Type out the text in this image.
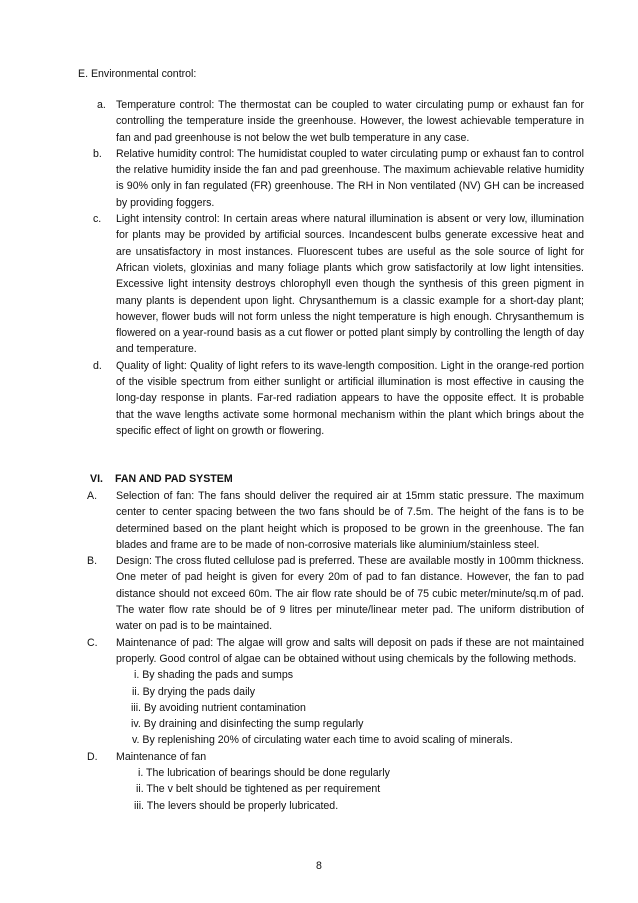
E. Environmental control:
a. Temperature control: The thermostat can be coupled to water circulating pump or exhaust fan for controlling the temperature inside the greenhouse. However, the lowest achievable temperature in fan and pad greenhouse is not below the wet bulb temperature in any case.
b.	Relative humidity control: The humidistat coupled to water circulating pump or exhaust fan to control the relative humidity inside the fan and pad greenhouse. The maximum achievable relative humidity is 90% only in fan regulated (FR) greenhouse. The RH in Non ventilated (NV) GH can be increased by providing foggers.
c.	Light intensity control: In certain areas where natural illumination is absent or very low, illumination for plants may be provided by artificial sources. Incandescent bulbs generate excessive heat and are unsatisfactory in most instances. Fluorescent tubes are useful as the sole source of light for African violets, gloxinias and many foliage plants which grow satisfactorily at low light intensities. Excessive light intensity destroys chlorophyll even though the synthesis of this green pigment in many plants is dependent upon light. Chrysanthemum is a classic example for a short-day plant; however, flower buds will not form unless the night temperature is high enough. Chrysanthemum is flowered on a year-round basis as a cut flower or potted plant simply by controlling the length of day and temperature.
d.	Quality of light: Quality of light refers to its wave-length composition. Light in the orange-red portion of the visible spectrum from either sunlight or artificial illumination is most effective in causing the long-day response in plants. Far-red radiation appears to have the opposite effect. It is probable that the wave lengths activate some hormonal mechanism within the plant which brings about the specific effect of light on growth or flowering.
VI. FAN AND PAD SYSTEM
A.	Selection of fan: The fans should deliver the required air at 15mm static pressure. The maximum center to center spacing between the two fans should be of 7.5m. The height of the fans is to be determined based on the plant height which is proposed to be grown in the greenhouse. The fan blades and frame are to be made of non-corrosive materials like aluminium/stainless steel.
B.	Design: The cross fluted cellulose pad is preferred. These are available mostly in 100mm thickness. One meter of pad height is given for every 20m of pad to fan distance. However, the fan to pad distance should not exceed 60m. The air flow rate should be of 75 cubic meter/minute/sq.m of pad. The water flow rate should be of 9 litres per minute/linear meter pad. The uniform distribution of water on pad is to be maintained.
C.	Maintenance of pad: The algae will grow and salts will deposit on pads if these are not maintained properly. Good control of algae can be obtained without using chemicals by the following methods.
i. By shading the pads and sumps
ii. By drying the pads daily
iii. By avoiding nutrient contamination
iv. By draining and disinfecting the sump regularly
v. By replenishing 20% of circulating water each time to avoid scaling of minerals.
D.	Maintenance of fan
i. The lubrication of bearings should be done regularly
ii. The v belt should be tightened as per requirement
iii. The levers should be properly lubricated.
8
